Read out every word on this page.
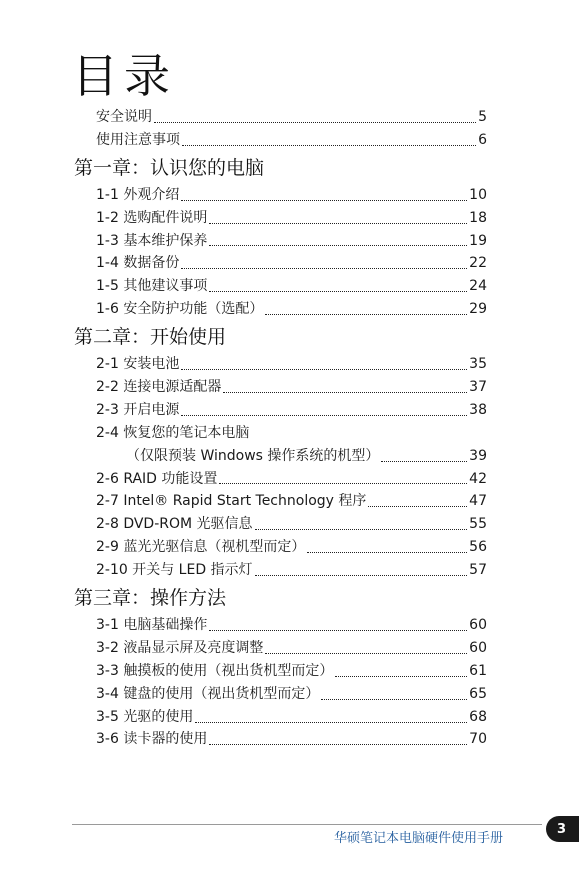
目录
安全说明	5
使用注意事项	6
第一章：认识您的电脑
1-1 外观介绍	10
1-2 选购配件说明	18
1-3 基本维护保养	19
1-4 数据备份	22
1-5 其他建议事项	24
1-6 安全防护功能（选配）	29
第二章：开始使用
2-1 安装电池	35
2-2 连接电源适配器	37
2-3 开启电源	38
2-4 恢复您的笔记本电脑
（仅限预装 Windows 操作系统的机型）	39
2-6 RAID 功能设置	42
2-7 Intel® Rapid Start Technology 程序	47
2-8 DVD-ROM 光驱信息	55
2-9 蓝光光驱信息（视机型而定）	56
2-10 开关与 LED 指示灯	57
第三章：操作方法
3-1 电脑基础操作	60
3-2 液晶显示屏及亮度调整	60
3-3 触摸板的使用（视出货机型而定）	61
3-4 键盘的使用（视出货机型而定）	65
3-5 光驱的使用	68
3-6 读卡器的使用	70
华硕笔记本电脑硬件使用手册
3
